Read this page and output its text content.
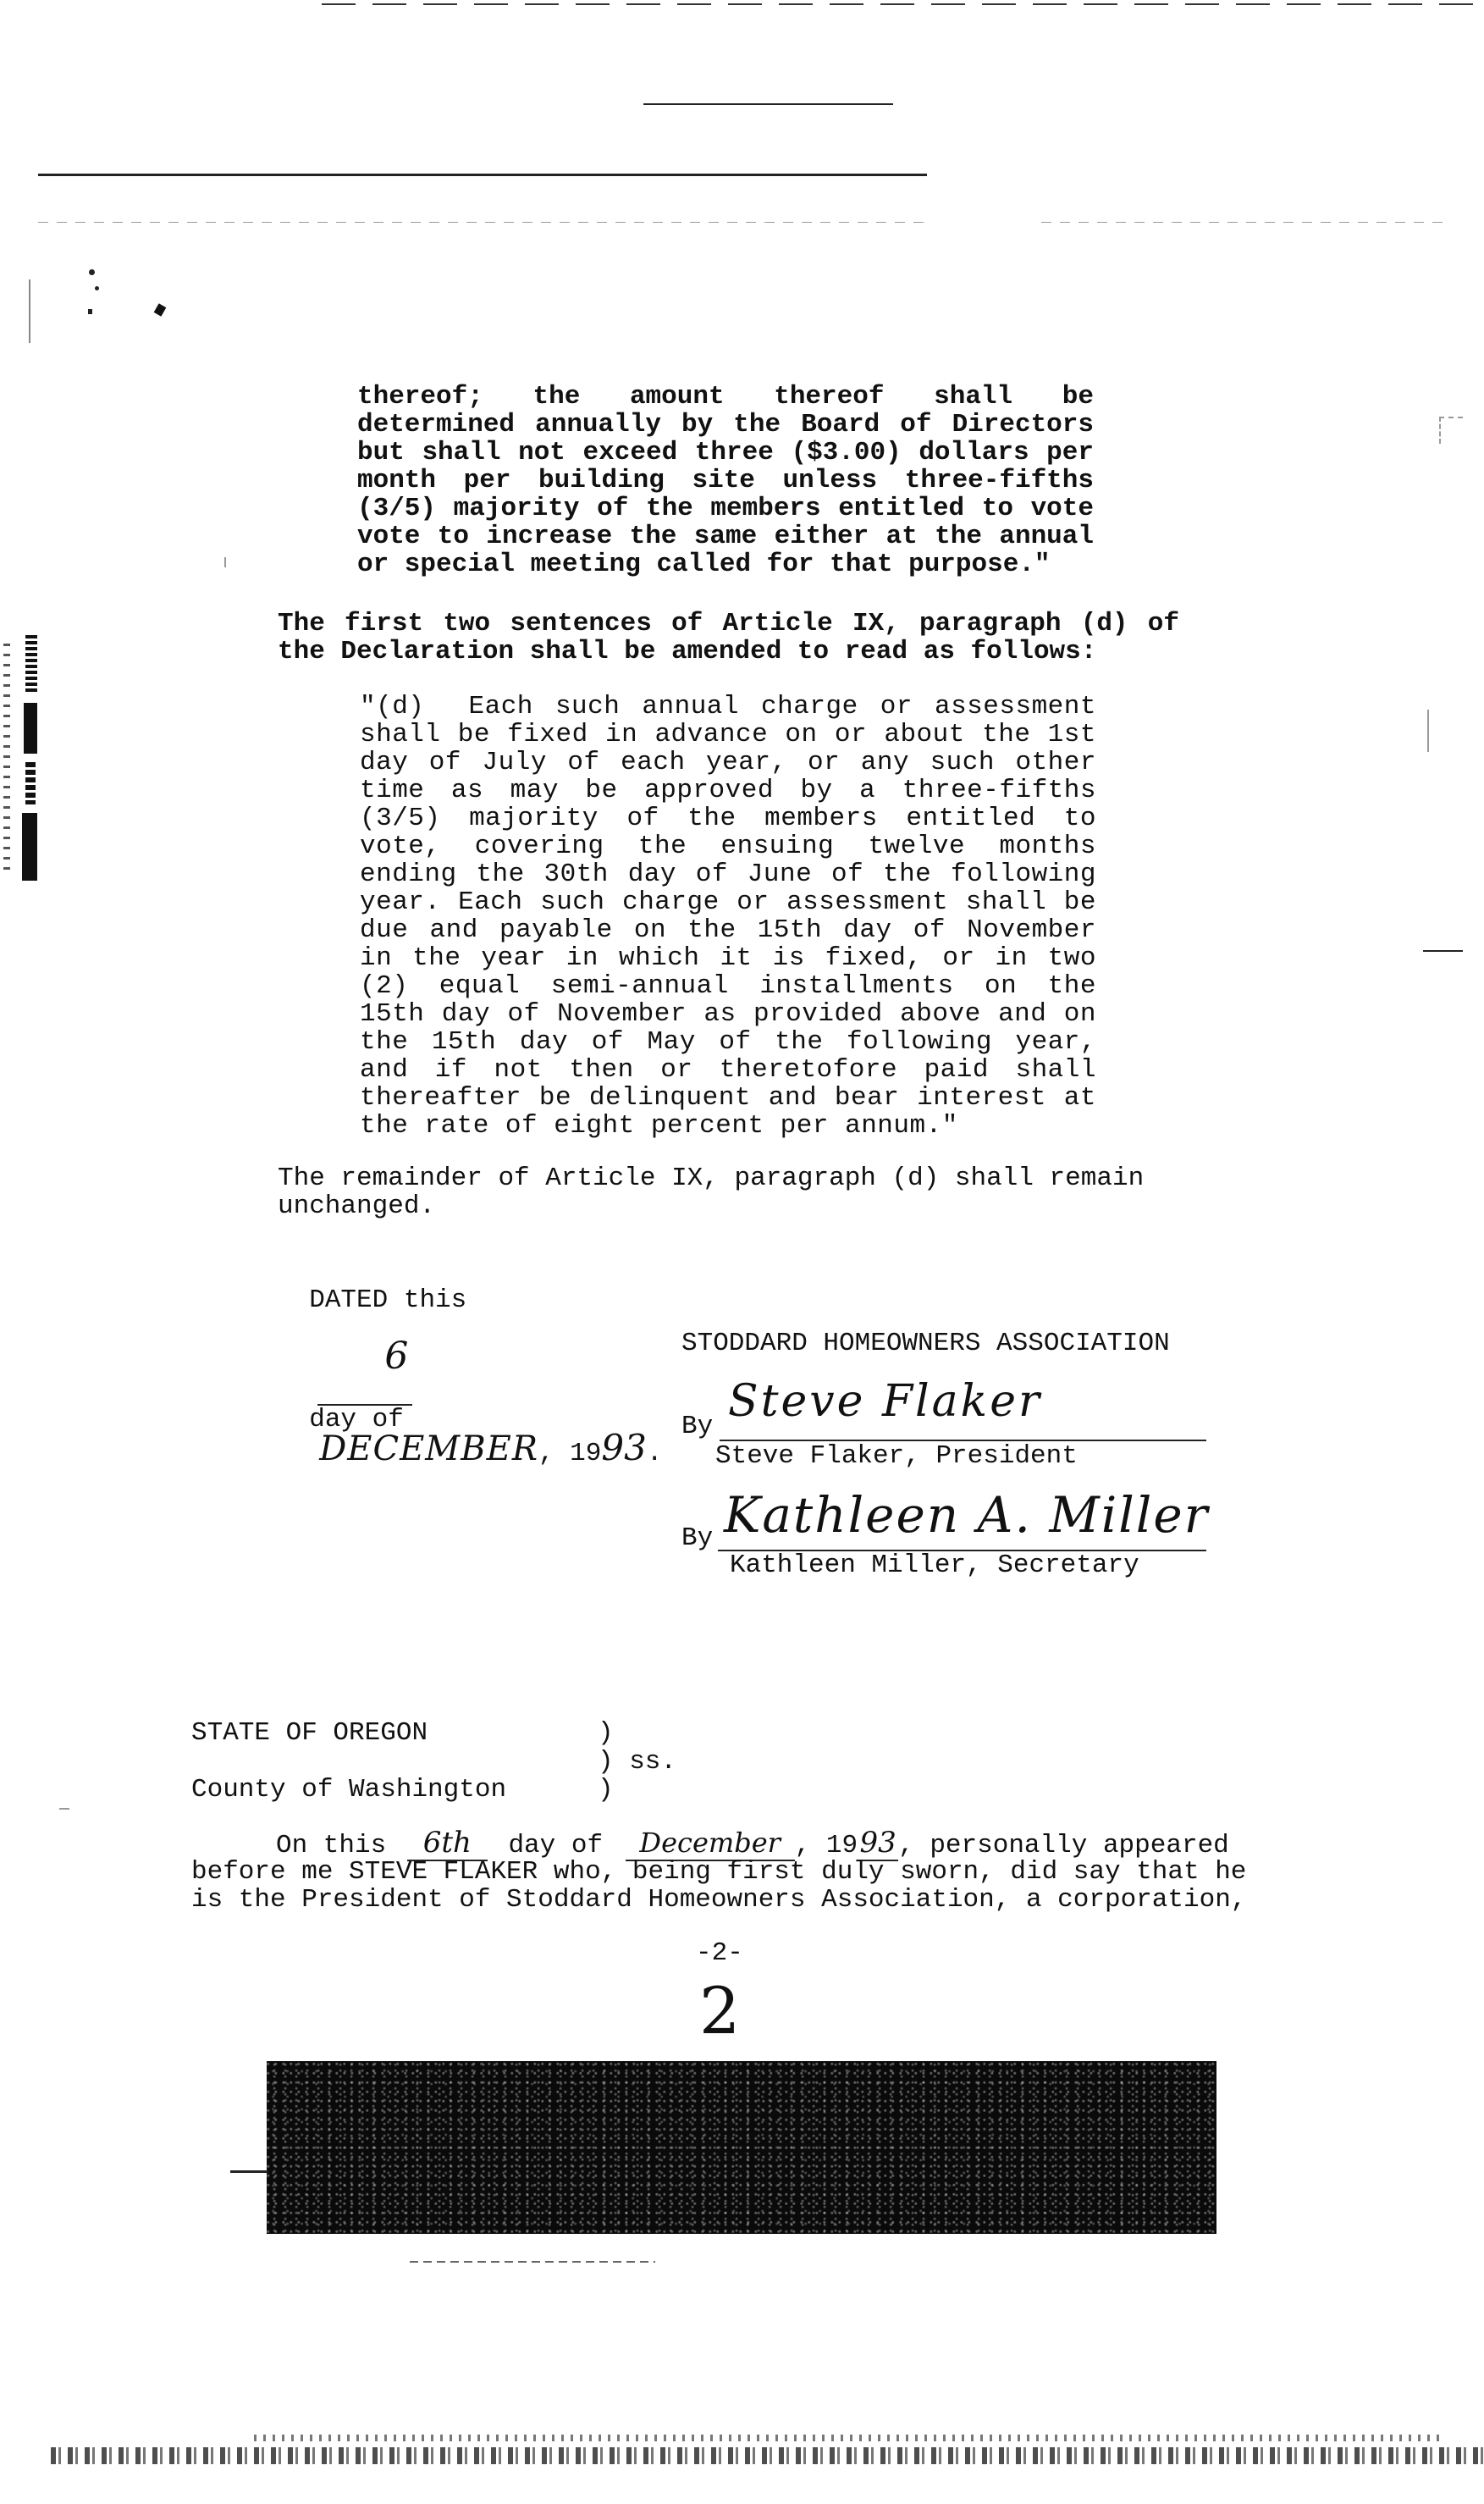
thereof; the amount thereof shall be determined annually by the Board of Directors but shall not exceed three ($3.00) dollars per month per building site unless three-fifths (3/5) majority of the members entitled to vote vote to increase the same either at the annual or special meeting called for that purpose."
The first two sentences of Article IX, paragraph (d) of the Declaration shall be amended to read as follows:
"(d)  Each such annual charge or assessment shall be fixed in advance on or about the 1st day of July of each year, or any such other time as may be approved by a three-fifths (3/5) majority of the members entitled to vote, covering the ensuing twelve months ending the 30th day of June of the following year. Each such charge or assessment shall be due and payable on the 15th day of November in the year in which it is fixed, or in two (2) equal semi-annual installments on the 15th day of November as provided above and on the 15th day of May of the following year, and if not then or theretofore paid shall thereafter be delinquent and bear interest at the rate of eight percent per annum."
The remainder of Article IX, paragraph (d) shall remain unchanged.

DATED this

6

day of
DECEMBER, 1993.

STODDARD HOMEOWNERS ASSOCIATION
By Steve Flaker
Steve Flaker, President
By Kathleen A. Miller
Kathleen Miller, Secretary
STATE OF OREGON	)
) ss.
County of Washington	)
On this 6th day of December , 1993, personally appeared
before me STEVE FLAKER who, being first duly sworn, did say that he
is the President of Stoddard Homeowners Association, a corporation,
-2-
2
